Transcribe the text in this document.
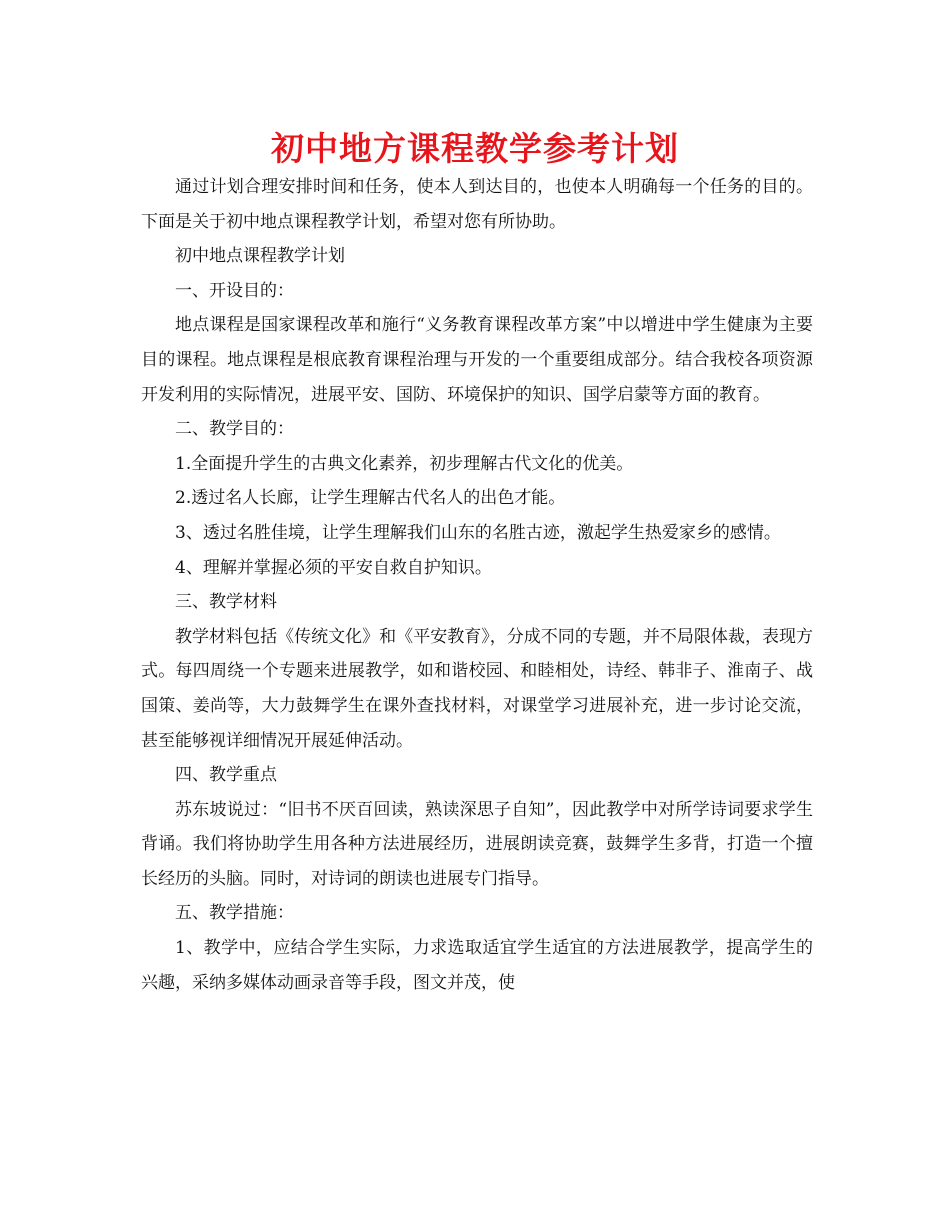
初中地方课程教学参考计划

通过计划合理安排时间和任务，使本人到达目的，也使本人明确每一个任务的目的。下面是关于初中地点课程教学计划，希望对您有所协助。

初中地点课程教学计划

一、开设目的：

地点课程是国家课程改革和施行“义务教育课程改革方案”中以增进中学生健康为主要目的课程。地点课程是根底教育课程治理与开发的一个重要组成部分。结合我校各项资源开发利用的实际情况，进展平安、国防、环境保护的知识、国学启蒙等方面的教育。

二、教学目的：

1.全面提升学生的古典文化素养，初步理解古代文化的优美。

2.透过名人长廊，让学生理解古代名人的出色才能。

3、透过名胜佳境，让学生理解我们山东的名胜古迹，激起学生热爱家乡的感情。

4、理解并掌握必须的平安自救自护知识。

三、教学材料

教学材料包括《传统文化》和《平安教育》，分成不同的专题，并不局限体裁，表现方式。每四周绕一个专题来进展教学，如和谐校园、和睦相处，诗经、韩非子、淮南子、战国策、姜尚等，大力鼓舞学生在课外查找材料，对课堂学习进展补充，进一步讨论交流，甚至能够视详细情况开展延伸活动。

四、教学重点

苏东坡说过：“旧书不厌百回读，熟读深思子自知”，因此教学中对所学诗词要求学生背诵。我们将协助学生用各种方法进展经历，进展朗读竞赛，鼓舞学生多背，打造一个擅长经历的头脑。同时，对诗词的朗读也进展专门指导。

五、教学措施：

1、教学中，应结合学生实际，力求选取适宜学生适宜的方法进展教学，提高学生的兴趣，采纳多媒体动画录音等手段，图文并茂，使
